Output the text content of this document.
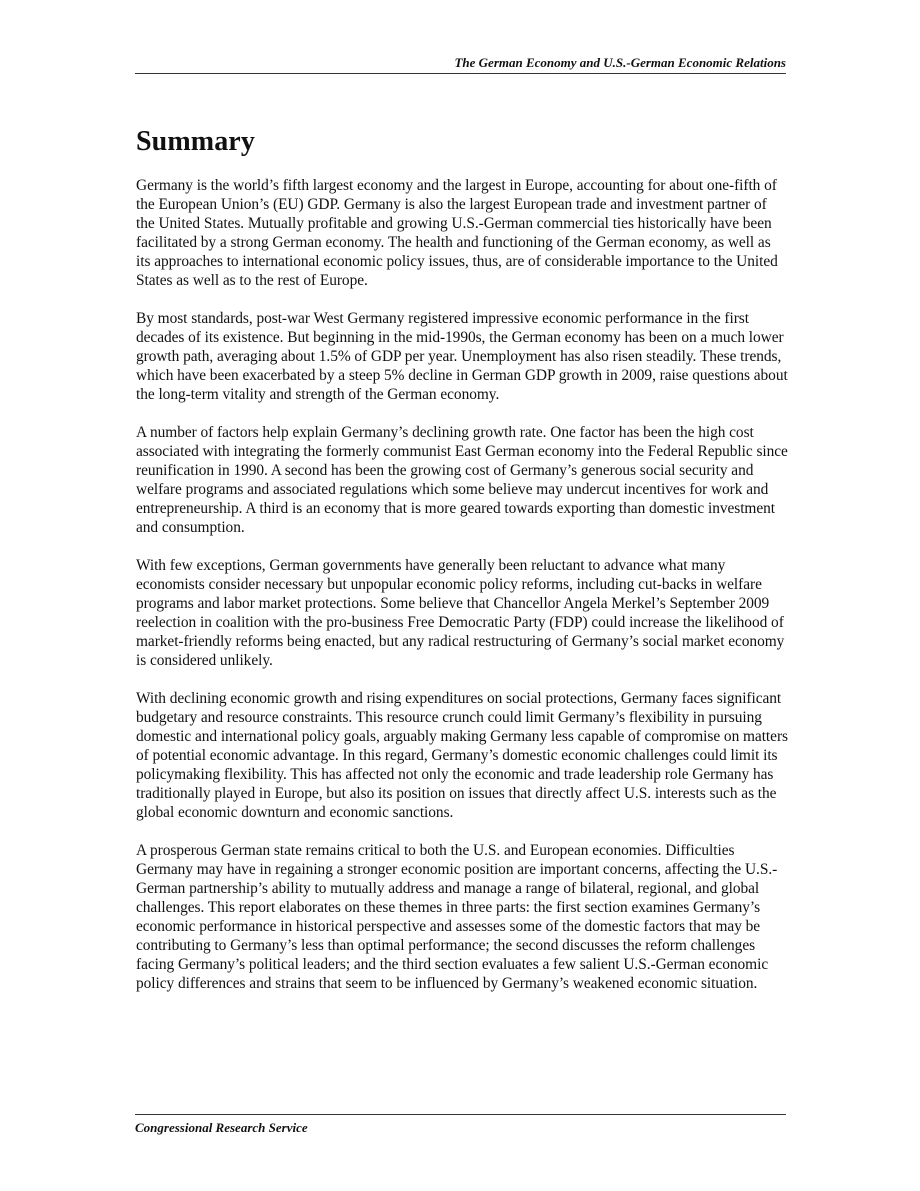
The German Economy and U.S.-German Economic Relations
Summary

Germany is the world’s fifth largest economy and the largest in Europe, accounting for about one-fifth of the European Union’s (EU) GDP. Germany is also the largest European trade and investment partner of the United States. Mutually profitable and growing U.S.-German commercial ties historically have been facilitated by a strong German economy. The health and functioning of the German economy, as well as its approaches to international economic policy issues, thus, are of considerable importance to the United States as well as to the rest of Europe.

By most standards, post-war West Germany registered impressive economic performance in the first decades of its existence. But beginning in the mid-1990s, the German economy has been on a much lower growth path, averaging about 1.5% of GDP per year. Unemployment has also risen steadily. These trends, which have been exacerbated by a steep 5% decline in German GDP growth in 2009, raise questions about the long-term vitality and strength of the German economy.

A number of factors help explain Germany’s declining growth rate. One factor has been the high cost associated with integrating the formerly communist East German economy into the Federal Republic since reunification in 1990. A second has been the growing cost of Germany’s generous social security and welfare programs and associated regulations which some believe may undercut incentives for work and entrepreneurship. A third is an economy that is more geared towards exporting than domestic investment and consumption.

With few exceptions, German governments have generally been reluctant to advance what many economists consider necessary but unpopular economic policy reforms, including cut-backs in welfare programs and labor market protections. Some believe that Chancellor Angela Merkel’s September 2009 reelection in coalition with the pro-business Free Democratic Party (FDP) could increase the likelihood of market-friendly reforms being enacted, but any radical restructuring of Germany’s social market economy is considered unlikely.

With declining economic growth and rising expenditures on social protections, Germany faces significant budgetary and resource constraints. This resource crunch could limit Germany’s flexibility in pursuing domestic and international policy goals, arguably making Germany less capable of compromise on matters of potential economic advantage. In this regard, Germany’s domestic economic challenges could limit its policymaking flexibility. This has affected not only the economic and trade leadership role Germany has traditionally played in Europe, but also its position on issues that directly affect U.S. interests such as the global economic downturn and economic sanctions.

A prosperous German state remains critical to both the U.S. and European economies. Difficulties Germany may have in regaining a stronger economic position are important concerns, affecting the U.S.-German partnership’s ability to mutually address and manage a range of bilateral, regional, and global challenges. This report elaborates on these themes in three parts: the first section examines Germany’s economic performance in historical perspective and assesses some of the domestic factors that may be contributing to Germany’s less than optimal performance; the second discusses the reform challenges facing Germany’s political leaders; and the third section evaluates a few salient U.S.-German economic policy differences and strains that seem to be influenced by Germany’s weakened economic situation.

Congressional Research Service
